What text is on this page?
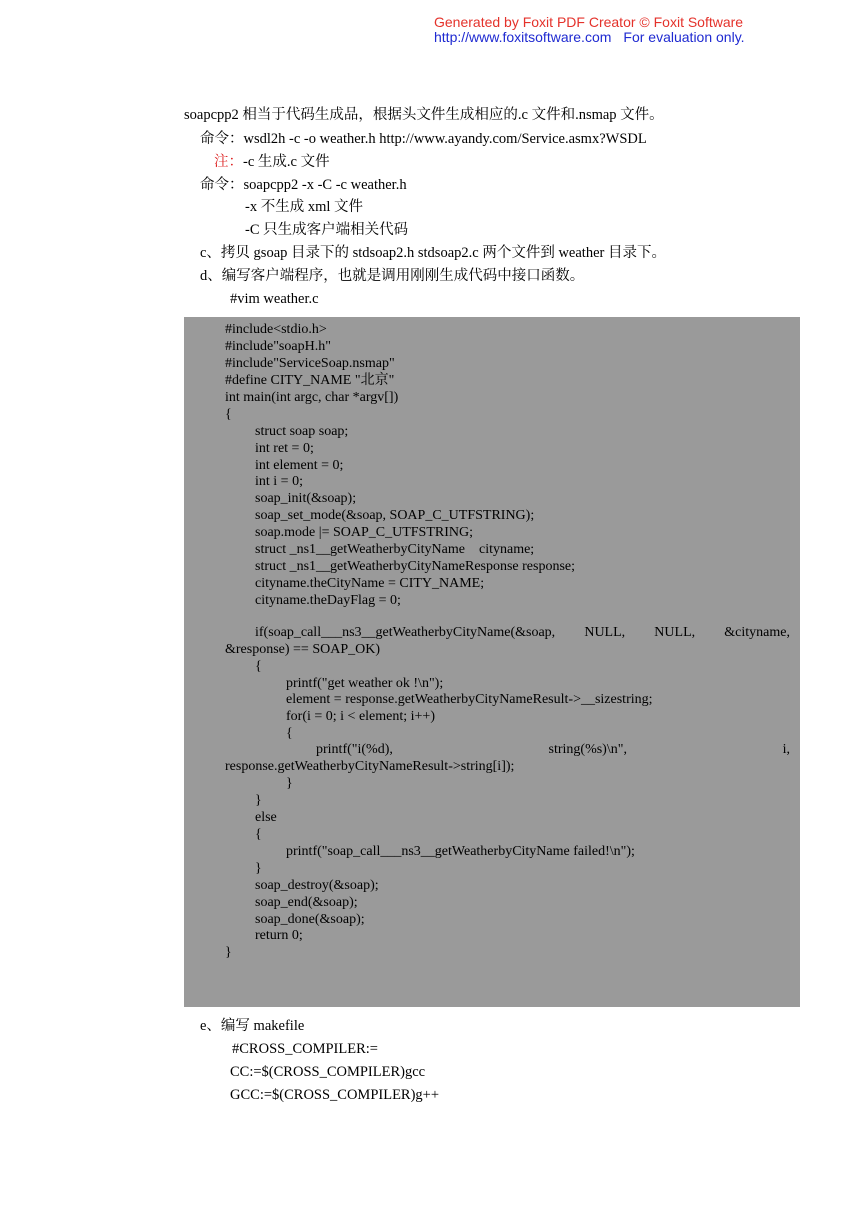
Generated by Foxit PDF Creator © Foxit Software
http://www.foxitsoftware.com For evaluation only.
soapcpp2 相当于代码生成品，根据头文件生成相应的.c 文件和.nsmap 文件。
命令：wsdl2h -c -o weather.h http://www.ayandy.com/Service.asmx?WSDL
注：-c 生成.c 文件
命令：soapcpp2 -x -C -c weather.h
-x 不生成 xml 文件
-C 只生成客户端相关代码
c、拷贝 gsoap 目录下的 stdsoap2.h stdsoap2.c 两个文件到 weather 目录下。
d、编写客户端程序，也就是调用刚刚生成代码中接口函数。
#vim weather.c
#include<stdio.h>
#include"soapH.h"
#include"ServiceSoap.nsmap"
#define CITY_NAME "北京"
int main(int argc, char *argv[])
{
struct soap soap;
int ret = 0;
int element = 0;
int i = 0;
soap_init(&soap);
soap_set_mode(&soap, SOAP_C_UTFSTRING);
soap.mode |= SOAP_C_UTFSTRING;
struct _ns1__getWeatherbyCityName    cityname;
struct _ns1__getWeatherbyCityNameResponse response;
cityname.theCityName = CITY_NAME;
cityname.theDayFlag = 0;
if(soap_call___ns3__getWeatherbyCityName(&soap, NULL, NULL, &cityname,
&response) == SOAP_OK)
{
printf("get weather ok !\n");
element = response.getWeatherbyCityNameResult->__sizestring;
for(i = 0; i < element; i++)
{
printf("i(%d),	string(%s)\n",	i,
response.getWeatherbyCityNameResult->string[i]);
}
}
else
{
printf("soap_call___ns3__getWeatherbyCityName failed!\n");
}
soap_destroy(&soap);
soap_end(&soap);
soap_done(&soap);
return 0;
}
e、编写 makefile
#CROSS_COMPILER:=
CC:=$(CROSS_COMPILER)gcc
GCC:=$(CROSS_COMPILER)g++
